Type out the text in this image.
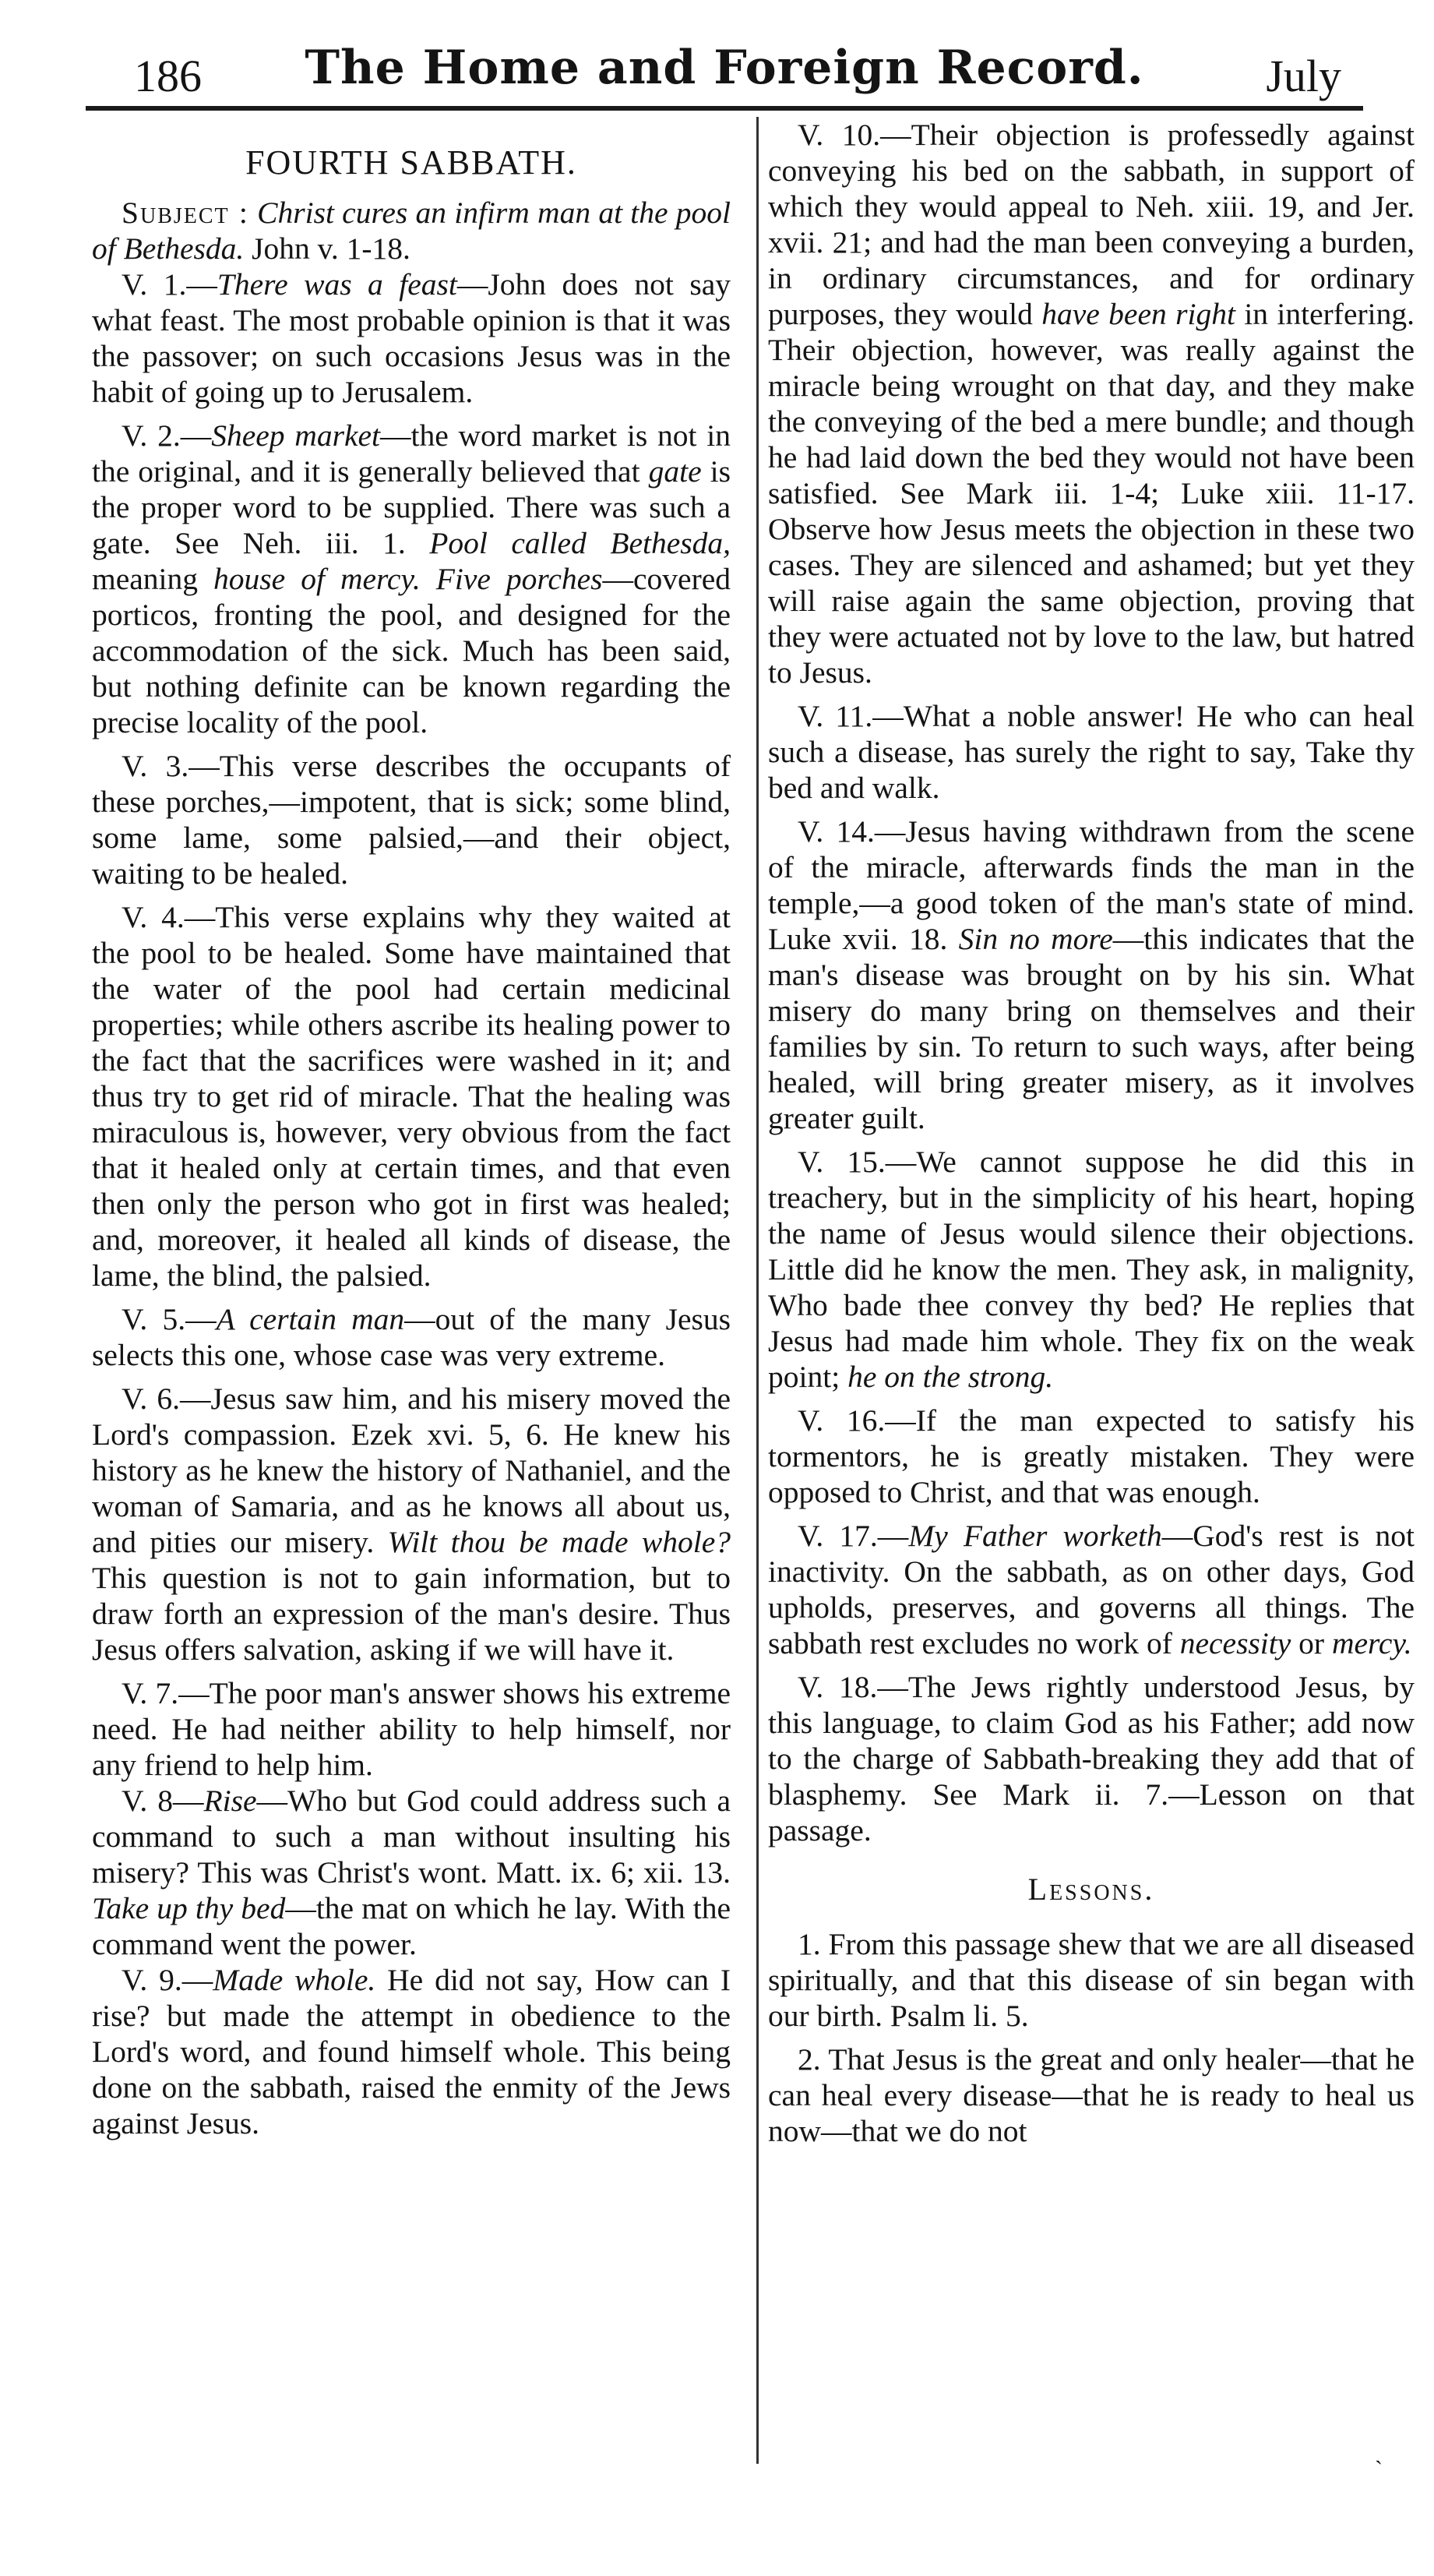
186	The Home and Foreign Record.	July
FOURTH SABBATH.

Subject : Christ cures an infirm man at the pool of Bethesda. John v. 1-18.

V. 1.—There was a feast—John does not say what feast. The most probable opinion is that it was the passover; on such occasions Jesus was in the habit of going up to Jerusalem.

V. 2.—Sheep market—the word market is not in the original, and it is generally believed that gate is the proper word to be supplied. There was such a gate. See Neh. iii. 1. Pool called Bethesda, meaning house of mercy. Five porches—covered porticos, fronting the pool, and designed for the accommodation of the sick. Much has been said, but nothing definite can be known regarding the precise locality of the pool.

V. 3.—This verse describes the occupants of these porches,—impotent, that is sick; some blind, some lame, some palsied,—and their object, waiting to be healed.

V. 4.—This verse explains why they waited at the pool to be healed. Some have maintained that the water of the pool had certain medicinal properties; while others ascribe its healing power to the fact that the sacrifices were washed in it; and thus try to get rid of miracle. That the healing was miraculous is, however, very obvious from the fact that it healed only at certain times, and that even then only the person who got in first was healed; and, moreover, it healed all kinds of disease, the lame, the blind, the palsied.

V. 5.—A certain man—out of the many Jesus selects this one, whose case was very extreme.

V. 6.—Jesus saw him, and his misery moved the Lord's compassion. Ezek xvi. 5, 6. He knew his history as he knew the history of Nathaniel, and the woman of Samaria, and as he knows all about us, and pities our misery. Wilt thou be made whole? This question is not to gain information, but to draw forth an expression of the man's desire. Thus Jesus offers salvation, asking if we will have it.

V. 7.—The poor man's answer shows his extreme need. He had neither ability to help himself, nor any friend to help him.

V. 8—Rise—Who but God could address such a command to such a man without insulting his misery? This was Christ's wont. Matt. ix. 6; xii. 13. Take up thy bed—the mat on which he lay. With the command went the power.

V. 9.—Made whole. He did not say, How can I rise? but made the attempt in obedience to the Lord's word, and found himself whole. This being done on the sabbath, raised the enmity of the Jews against Jesus.

V. 10.—Their objection is professedly against conveying his bed on the sabbath, in support of which they would appeal to Neh. xiii. 19, and Jer. xvii. 21; and had the man been conveying a burden, in ordinary circumstances, and for ordinary purposes, they would have been right in interfering. Their objection, however, was really against the miracle being wrought on that day, and they make the conveying of the bed a mere bundle; and though he had laid down the bed they would not have been satisfied. See Mark iii. 1-4; Luke xiii. 11-17. Observe how Jesus meets the objection in these two cases. They are silenced and ashamed; but yet they will raise again the same objection, proving that they were actuated not by love to the law, but hatred to Jesus.

V. 11.—What a noble answer! He who can heal such a disease, has surely the right to say, Take thy bed and walk.

V. 14.—Jesus having withdrawn from the scene of the miracle, afterwards finds the man in the temple,—a good token of the man's state of mind. Luke xvii. 18. Sin no more—this indicates that the man's disease was brought on by his sin. What misery do many bring on themselves and their families by sin. To return to such ways, after being healed, will bring greater misery, as it involves greater guilt.

V. 15.—We cannot suppose he did this in treachery, but in the simplicity of his heart, hoping the name of Jesus would silence their objections. Little did he know the men. They ask, in malignity, Who bade thee convey thy bed? He replies that Jesus had made him whole. They fix on the weak point; he on the strong.

V. 16.—If the man expected to satisfy his tormentors, he is greatly mistaken. They were opposed to Christ, and that was enough.

V. 17.—My Father worketh—God's rest is not inactivity. On the sabbath, as on other days, God upholds, preserves, and governs all things. The sabbath rest excludes no work of necessity or mercy.

V. 18.—The Jews rightly understood Jesus, by this language, to claim God as his Father; add now to the charge of Sabbath-breaking they add that of blasphemy. See Mark ii. 7.—Lesson on that passage.

Lessons.

1. From this passage shew that we are all diseased spiritually, and that this disease of sin began with our birth. Psalm li. 5.

2. That Jesus is the great and only healer—that he can heal every disease—that he is ready to heal us now—that we do not

ˎ
